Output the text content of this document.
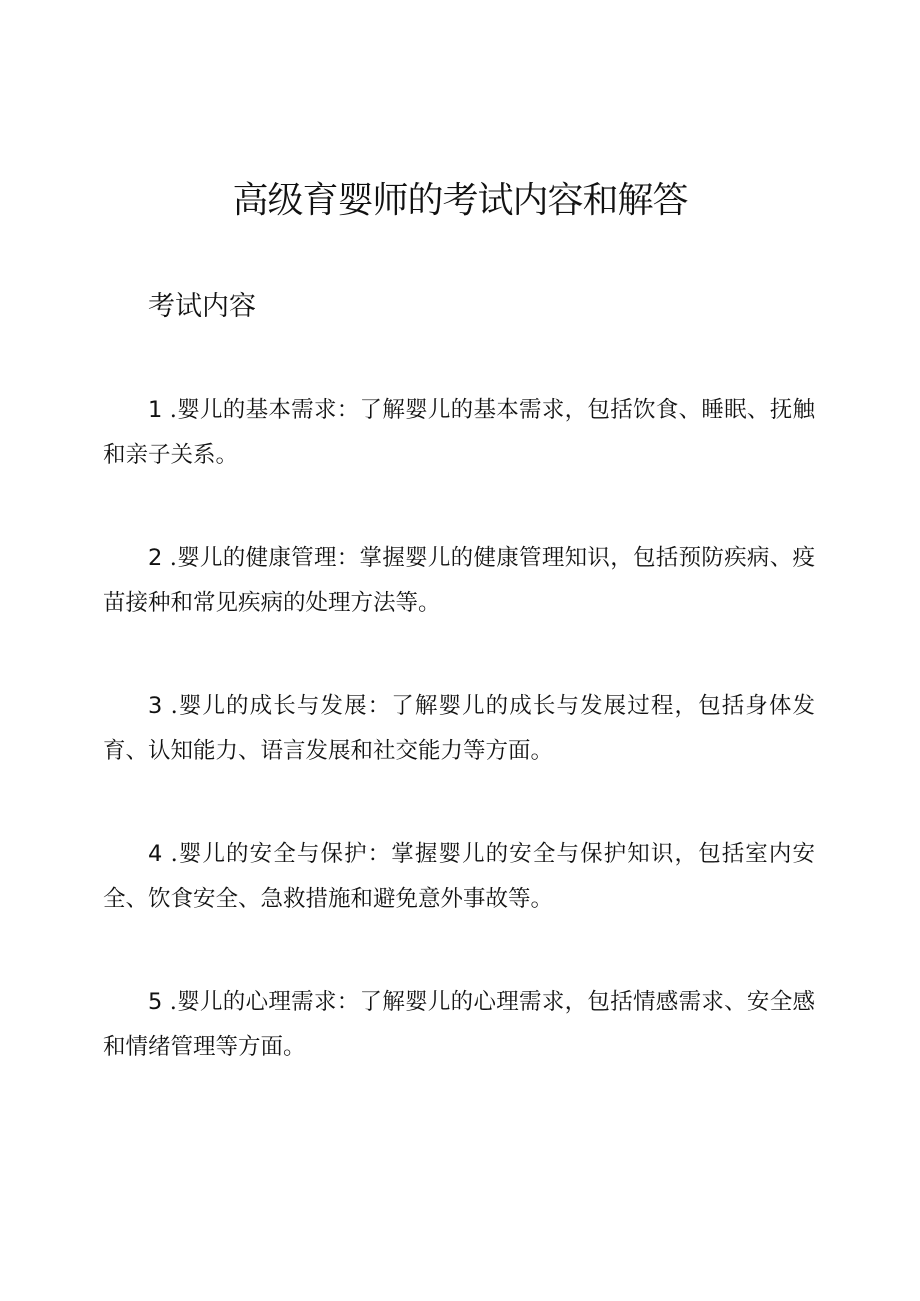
高级育婴师的考试内容和解答
考试内容
1 .婴儿的基本需求：了解婴儿的基本需求，包括饮食、睡眠、抚触和亲子关系。
2 .婴儿的健康管理：掌握婴儿的健康管理知识，包括预防疾病、疫苗接种和常见疾病的处理方法等。
3 .婴儿的成长与发展：了解婴儿的成长与发展过程，包括身体发育、认知能力、语言发展和社交能力等方面。
4 .婴儿的安全与保护：掌握婴儿的安全与保护知识，包括室内安全、饮食安全、急救措施和避免意外事故等。
5 .婴儿的心理需求：了解婴儿的心理需求，包括情感需求、安全感和情绪管理等方面。
